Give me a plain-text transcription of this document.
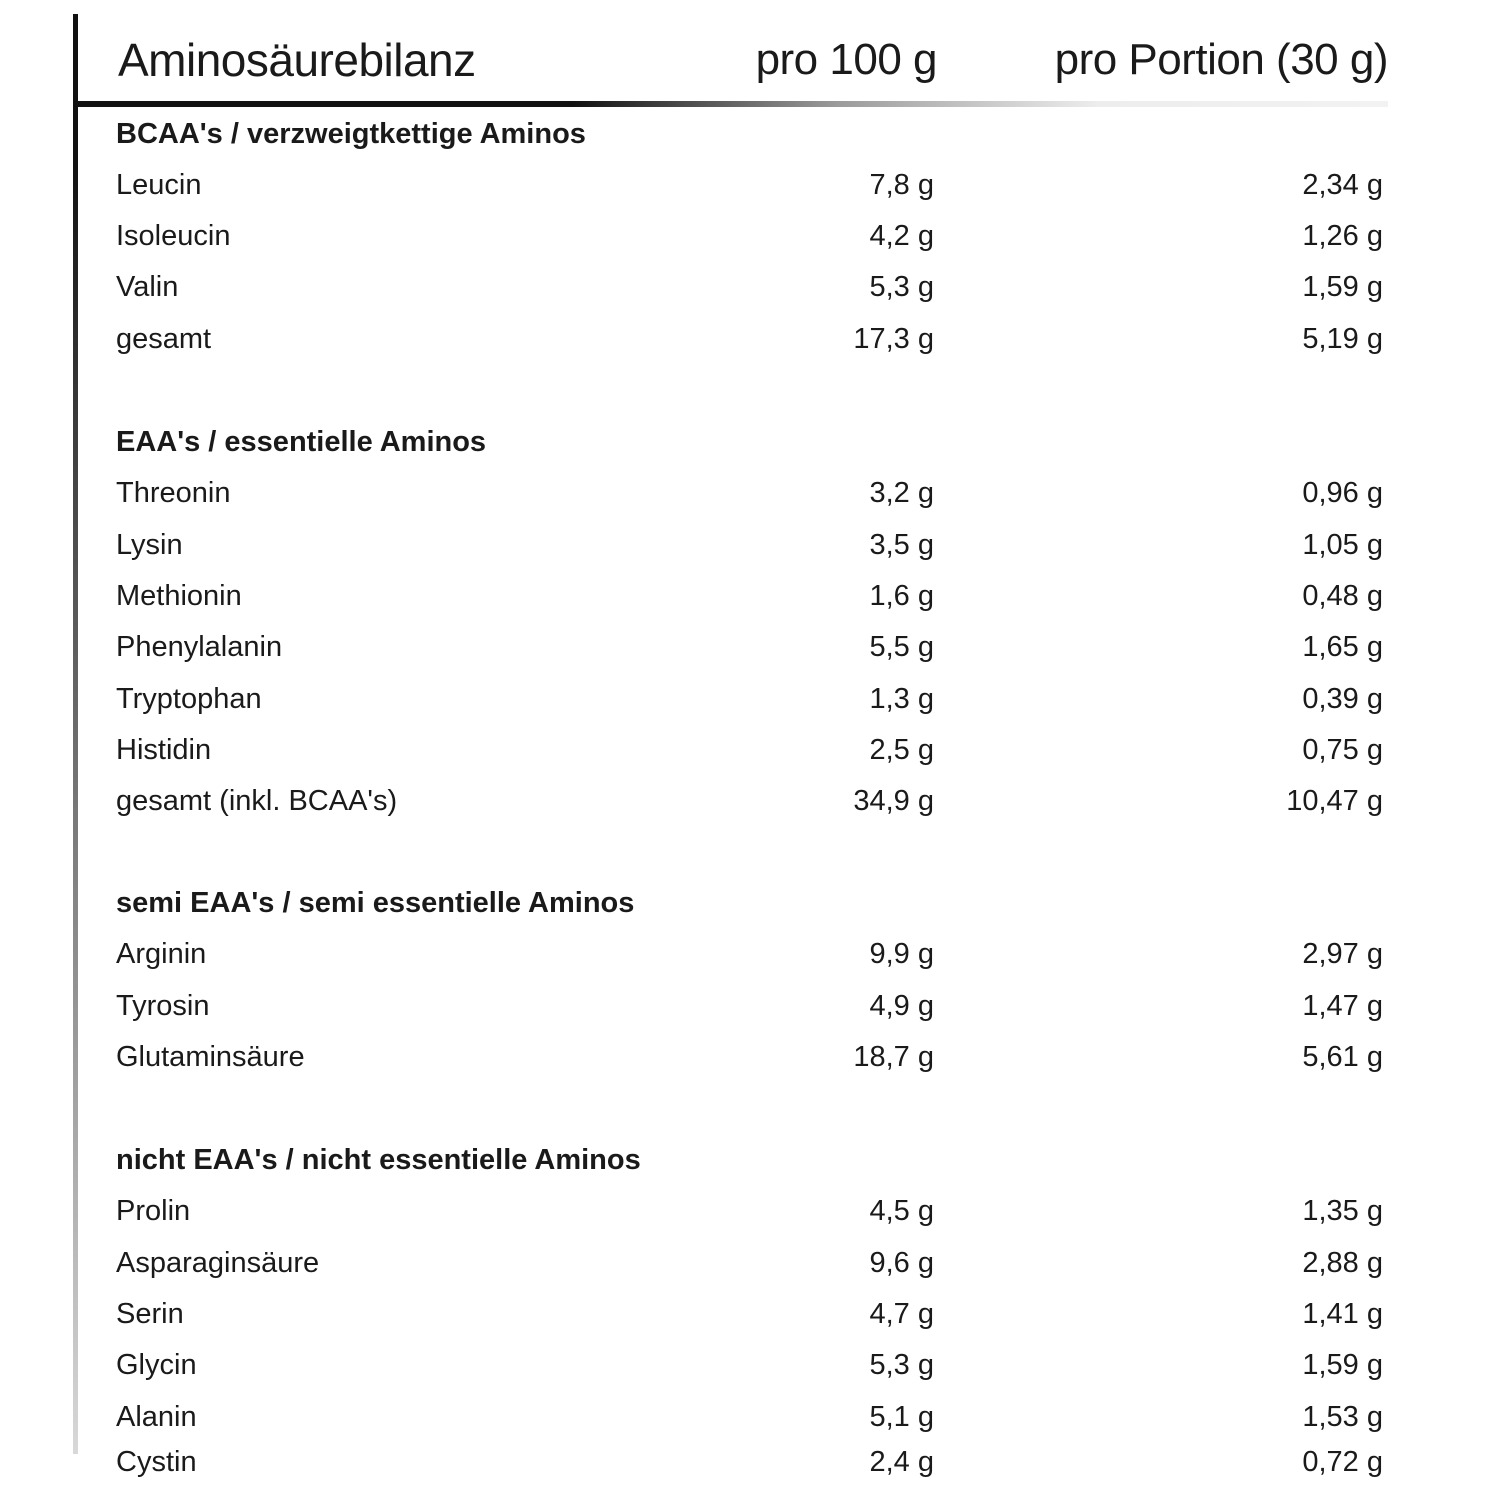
Aminosäurebilanz	pro 100 g	pro Portion (30 g)
BCAA's / verzweigtkettige Aminos
Leucin	7,8 g	2,34 g
Isoleucin	4,2 g	1,26 g
Valin	5,3 g	1,59 g
gesamt	17,3 g	5,19 g
EAA's / essentielle Aminos
Threonin	3,2 g	0,96 g
Lysin	3,5 g	1,05 g
Methionin	1,6 g	0,48 g
Phenylalanin	5,5 g	1,65 g
Tryptophan	1,3 g	0,39 g
Histidin	2,5 g	0,75 g
gesamt (inkl. BCAA's)	34,9 g	10,47 g
semi EAA's / semi essentielle Aminos
Arginin	9,9 g	2,97 g
Tyrosin	4,9 g	1,47 g
Glutaminsäure	18,7 g	5,61 g
nicht EAA's / nicht essentielle Aminos
Prolin	4,5 g	1,35 g
Asparaginsäure	9,6 g	2,88 g
Serin	4,7 g	1,41 g
Glycin	5,3 g	1,59 g
Alanin	5,1 g	1,53 g
Cystin	2,4 g	0,72 g
